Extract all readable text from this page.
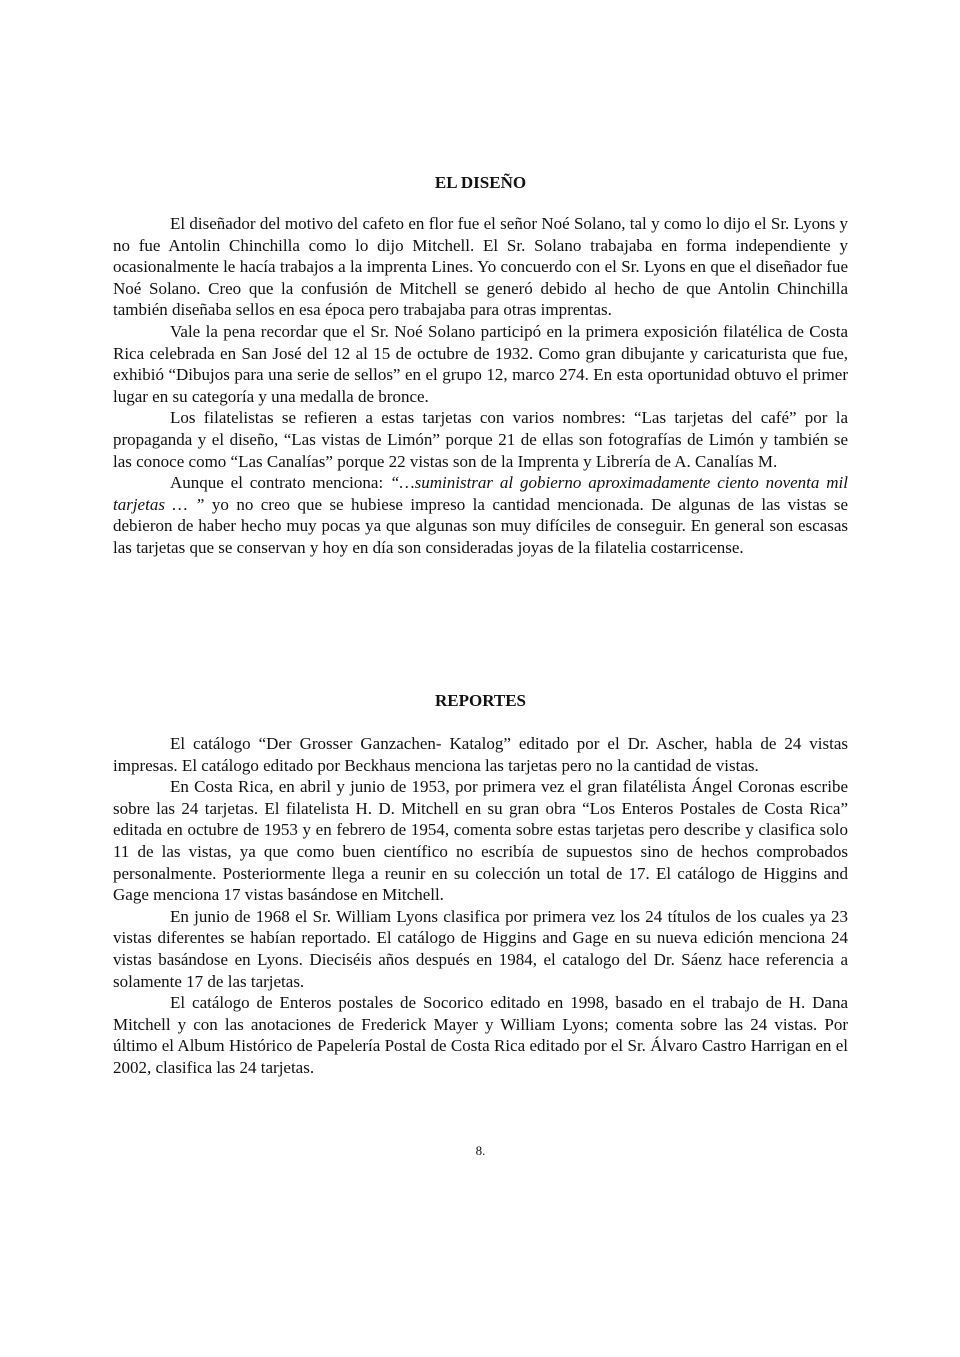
EL DISEÑO

El diseñador del motivo del cafeto en flor fue el señor Noé Solano, tal y como lo dijo el Sr. Lyons y no fue Antolin Chinchilla como lo dijo Mitchell. El Sr. Solano trabajaba en forma independiente y ocasionalmente le hacía trabajos a la imprenta Lines. Yo concuerdo con el Sr. Lyons en que el diseñador fue Noé Solano. Creo que la confusión de Mitchell se generó debido al hecho de que Antolin Chinchilla también diseñaba sellos en esa época pero trabajaba para otras imprentas.

Vale la pena recordar que el Sr. Noé Solano participó en la primera exposición filatélica de Costa Rica celebrada en San José del 12 al 15 de octubre de 1932. Como gran dibujante y caricaturista que fue, exhibió “Dibujos para una serie de sellos” en el grupo 12, marco 274. En esta oportunidad obtuvo el primer lugar en su categoría y una medalla de bronce.

Los filatelistas se refieren a estas tarjetas con varios nombres: “Las tarjetas del café” por la propaganda y el diseño, “Las vistas de Limón” porque 21 de ellas son fotografías de Limón y también se las conoce como “Las Canalías” porque 22 vistas son de la Imprenta y Librería de A. Canalías M.

Aunque el contrato menciona: “…suministrar al gobierno aproximadamente ciento noventa mil tarjetas … ” yo no creo que se hubiese impreso la cantidad mencionada. De algunas de las vistas se debieron de haber hecho muy pocas ya que algunas son muy difíciles de conseguir. En general son escasas las tarjetas que se conservan y hoy en día son consideradas joyas de la filatelia costarricense.

REPORTES

El catálogo “Der Grosser Ganzachen- Katalog” editado por el Dr. Ascher, habla de 24 vistas impresas. El catálogo editado por Beckhaus menciona las tarjetas pero no la cantidad de vistas.

En Costa Rica, en abril y junio de 1953, por primera vez el gran filatélista Ángel Coronas escribe sobre las 24 tarjetas. El filatelista H. D. Mitchell en su gran obra “Los Enteros Postales de Costa Rica” editada en octubre de 1953 y en febrero de 1954, comenta sobre estas tarjetas pero describe y clasifica solo 11 de las vistas, ya que como buen científico no escribía de supuestos sino de hechos comprobados personalmente. Posteriormente llega a reunir en su colección un total de 17. El catálogo de Higgins and Gage menciona 17 vistas basándose en Mitchell.

En junio de 1968 el Sr. William Lyons clasifica por primera vez los 24 títulos de los cuales ya 23 vistas diferentes se habían reportado. El catálogo de Higgins and Gage en su nueva edición menciona 24 vistas basándose en Lyons. Dieciséis años después en 1984, el catalogo del Dr. Sáenz hace referencia a solamente 17 de las tarjetas.

El catálogo de Enteros postales de Socorico editado en 1998, basado en el trabajo de H. Dana Mitchell y con las anotaciones de Frederick Mayer y William Lyons; comenta sobre las 24 vistas. Por último el Album Histórico de Papelería Postal de Costa Rica editado por el Sr. Álvaro Castro Harrigan en el 2002, clasifica las 24 tarjetas.

8.
